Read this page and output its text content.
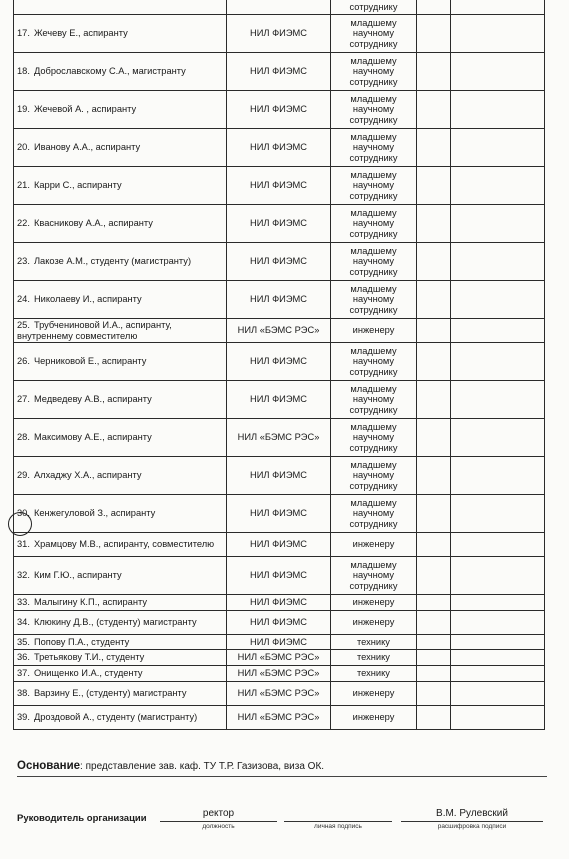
		сотруднику		
17. Жечеву Е., аспиранту	НИЛ ФИЭМС	младшему научному сотруднику		
18. Доброславскому С.А., магистранту	НИЛ ФИЭМС	младшему научному сотруднику		
19. Жечевой А. , аспиранту	НИЛ ФИЭМС	младшему научному сотруднику		
20. Иванову А.А., аспиранту	НИЛ ФИЭМС	младшему научному сотруднику		
21. Карри С., аспиранту	НИЛ ФИЭМС	младшему научному сотруднику		
22. Квасникову А.А., аспиранту	НИЛ ФИЭМС	младшему научному сотруднику		
23. Лакозе А.М., студенту (магистранту)	НИЛ ФИЭМС	младшему научному сотруднику		
24. Николаеву И., аспиранту	НИЛ ФИЭМС	младшему научному сотруднику		
25. Трубчениновой И.А., аспиранту, внутреннему совместителю	НИЛ «БЭМС РЭС»	инженеру		
26. Черниковой Е., аспиранту	НИЛ ФИЭМС	младшему научному сотруднику		
27. Медведеву А.В., аспиранту	НИЛ ФИЭМС	младшему научному сотруднику		
28. Максимову А.Е., аспиранту	НИЛ «БЭМС РЭС»	младшему научному сотруднику		
29. Алхаджу Х.А., аспиранту	НИЛ ФИЭМС	младшему научному сотруднику		
30. Кенжегуловой З., аспиранту	НИЛ ФИЭМС	младшему научному сотруднику		
31. Храмцову М.В., аспиранту, совместителю	НИЛ ФИЭМС	инженеру		
32. Ким Г.Ю., аспиранту	НИЛ ФИЭМС	младшему научному сотруднику		
33. Малыгину К.П., аспиранту	НИЛ ФИЭМС	инженеру		
34. Клюкину Д.В., (студенту) магистранту	НИЛ ФИЭМС	инженеру		
35. Попову П.А., студенту	НИЛ ФИЭМС	технику		
36. Третьякову Т.И., студенту	НИЛ «БЭМС РЭС»	технику		
37. Онищенко И.А., студенту	НИЛ «БЭМС РЭС»	технику		
38. Варзину Е., (студенту) магистранту	НИЛ «БЭМС РЭС»	инженеру		
39. Дроздовой А., студенту (магистранту)	НИЛ «БЭМС РЭС»	инженеру		
Основание: представление зав. каф. ТУ Т.Р. Газизова, виза ОК.
Руководитель организации	ректор
должность	личная подпись
В.М. Рулевский
расшифровка подписи
